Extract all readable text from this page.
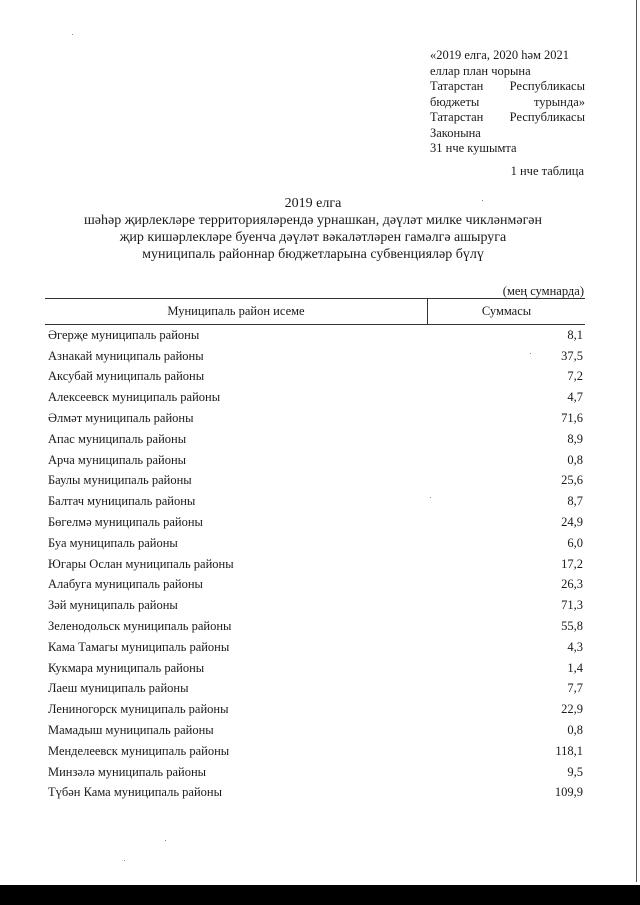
«2019 елга, 2020 һәм 2021
еллар план чорына
Татарстан Республикасы
бюджеты	турында»
Татарстан Республикасы
Законына
31 нче кушымта
1 нче таблица
2019 елга
шәһәр җирлекләре территорияләрендә урнашкан, дәүләт милке чикләнмәгән
җир кишәрлекләре буенча дәүләт вәкаләтләрен гамәлгә ашыруга
муниципаль районнар бюджетларына субвенцияләр бүлү
(мең сумнарда)
Муниципаль район исеме	Суммасы
Әгерҗе муниципаль районы	8,1
Азнакай муниципаль районы	37,5
Аксубай муниципаль районы	7,2
Алексеевск муниципаль районы	4,7
Әлмәт муниципаль районы	71,6
Апас муниципаль районы	8,9
Арча муниципаль районы	0,8
Баулы муниципаль районы	25,6
Балтач муниципаль районы	8,7
Бөгелмә муниципаль районы	24,9
Буа муниципаль районы	6,0
Югары Ослан муниципаль районы	17,2
Алабуга муниципаль районы	26,3
Зәй муниципаль районы	71,3
Зеленодольск муниципаль районы	55,8
Кама Тамагы муниципаль районы	4,3
Кукмара муниципаль районы	1,4
Лаеш муниципаль районы	7,7
Лениногорск муниципаль районы	22,9
Мамадыш муниципаль районы	0,8
Менделеевск муниципаль районы	118,1
Минзәлә муниципаль районы	9,5
Түбән Кама муниципаль районы	109,9
